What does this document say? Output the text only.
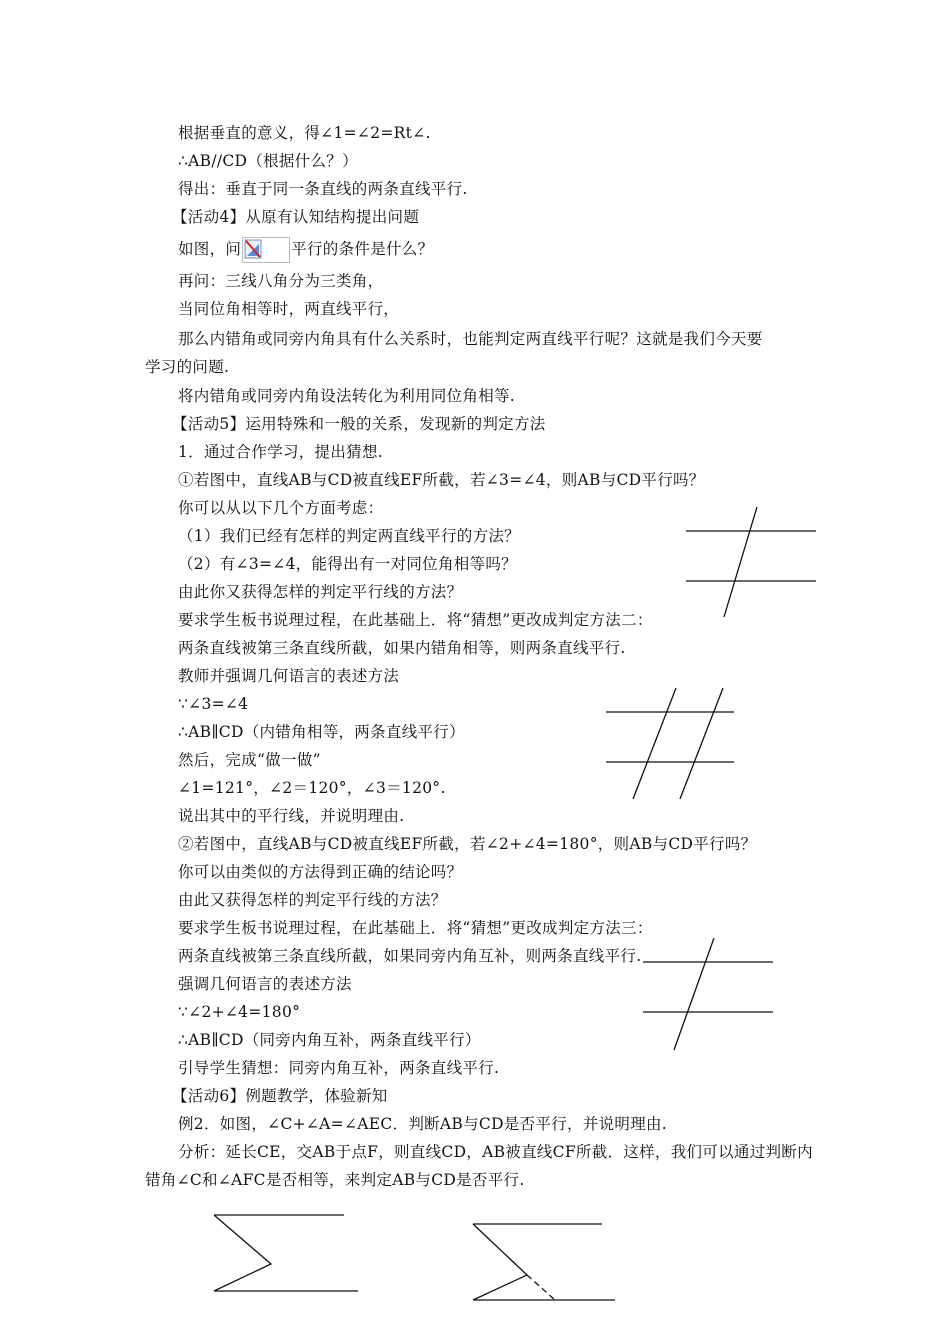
根据垂直的意义，得∠1=∠2=Rt∠.
∴AB//CD（根据什么？）
得出：垂直于同一条直线的两条直线平行.
【活动4】从原有认知结构提出问题
如图，问	平行的条件是什么？
再问：三线八角分为三类角，
当同位角相等时，两直线平行，
那么内错角或同旁内角具有什么关系时，也能判定两直线平行呢？这就是我们今天要
学习的问题.
将内错角或同旁内角设法转化为利用同位角相等.
【活动5】运用特殊和一般的关系，发现新的判定方法
1．通过合作学习，提出猜想.
①若图中，直线AB与CD被直线EF所截，若∠3=∠4，则AB与CD平行吗？
你可以从以下几个方面考虑：
（1）我们已经有怎样的判定两直线平行的方法？
（2）有∠3=∠4，能得出有一对同位角相等吗？
由此你又获得怎样的判定平行线的方法？
要求学生板书说理过程，在此基础上．将“猜想”更改成判定方法二：
两条直线被第三条直线所截，如果内错角相等，则两条直线平行.
教师并强调几何语言的表述方法
∵∠3=∠4
∴AB∥CD（内错角相等，两条直线平行）
然后，完成“做一做”
∠1=121°，∠2＝120°，∠3＝120°.
说出其中的平行线，并说明理由.
②若图中，直线AB与CD被直线EF所截，若∠2+∠4=180°，则AB与CD平行吗？
你可以由类似的方法得到正确的结论吗？
由此又获得怎样的判定平行线的方法？
要求学生板书说理过程，在此基础上．将“猜想”更改成判定方法三：
两条直线被第三条直线所截，如果同旁内角互补，则两条直线平行.
强调几何语言的表述方法
∵∠2+∠4=180°
∴AB∥CD（同旁内角互补，两条直线平行）
引导学生猜想：同旁内角互补，两条直线平行.
【活动6】例题教学，体验新知
例2．如图，∠C+∠A=∠AEC．判断AB与CD是否平行，并说明理由.
分析：延长CE，交AB于点F，则直线CD，AB被直线CF所截．这样，我们可以通过判断内
错角∠C和∠AFC是否相等，来判定AB与CD是否平行.
